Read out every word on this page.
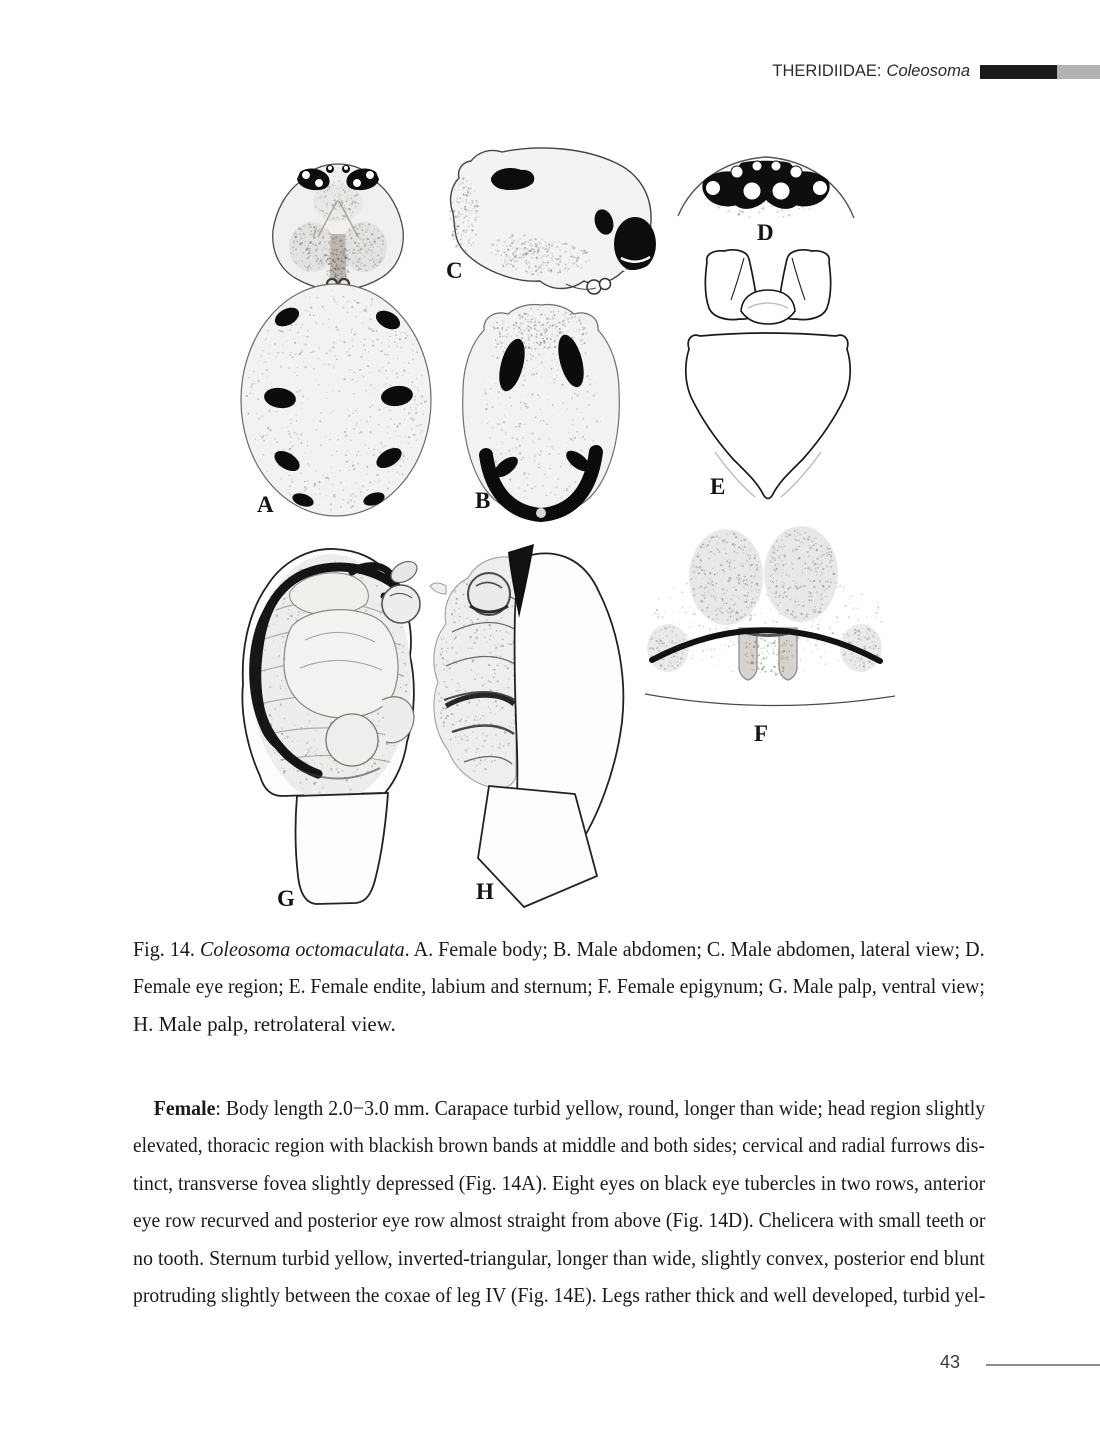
THERIDIIDAE: Coleosoma
A
C
B
D
E
F
G	H

Fig. 14. Coleosoma octomaculata. A. Female body; B. Male abdomen; C. Male abdomen, lateral view; D.
Female eye region; E. Female endite, labium and sternum; F. Female epigynum; G. Male palp, ventral view;
H. Male palp, retrolateral view.

Female: Body length 2.0−3.0 mm. Carapace turbid yellow, round, longer than wide; head region slightly
elevated, thoracic region with blackish brown bands at middle and both sides; cervical and radial furrows dis-
tinct, transverse fovea slightly depressed (Fig. 14A). Eight eyes on black eye tubercles in two rows, anterior
eye row recurved and posterior eye row almost straight from above (Fig. 14D). Chelicera with small teeth or
no tooth. Sternum turbid yellow, inverted-triangular, longer than wide, slightly convex, posterior end blunt
protruding slightly between the coxae of leg IV (Fig. 14E). Legs rather thick and well developed, turbid yel-

43
